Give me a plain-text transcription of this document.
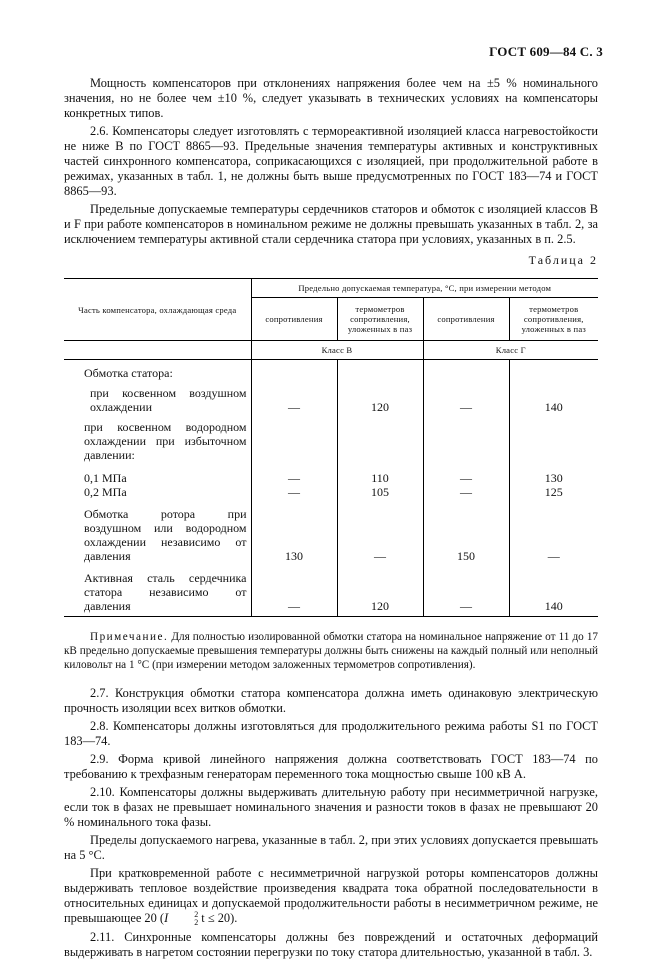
ГОСТ 609—84 С. 3

Мощность компенсаторов при отклонениях напряжения более чем на ±5 % номинального значения, но не более чем ±10 %, следует указывать в технических условиях на компенсаторы конкретных типов.

2.6. Компенсаторы следует изготовлять с термореактивной изоляцией класса нагревостойкости не ниже В по ГОСТ 8865—93. Предельные значения температуры активных и конструктивных частей синхронного компенсатора, соприкасающихся с изоляцией, при продолжительной работе в режимах, указанных в табл. 1, не должны быть выше предусмотренных по ГОСТ 183—74 и ГОСТ 8865—93.

Предельные допускаемые температуры сердечников статоров и обмоток с изоляцией классов В и F при работе компенсаторов в номинальном режиме не должны превышать указанных в табл. 2, за исключением температуры активной стали сердечника статора при условиях, указанных в п. 2.5.

Таблица 2
Часть компенсатора, охлаждающая среда	Предельно допускаемая температура, °С, при измерении методом			
	сопротивления	термометров сопротивления, уложенных в паз	сопротивления	термометров сопротивления, уложенных в паз
	Класс В		Класс Г	
Обмотка статора:				
при косвенном воздушном охлаждении	—	120	—	140
при косвенном водородном охлаждении при избыточном давлении:				
0,1 МПа	—	110	—	130
0,2 МПа	—	105	—	125
Обмотка ротора при воздушном или водородном охлаждении независимо от давления	130	—	150	—
Активная сталь сердечника статора независимо от давления	—	120	—	140

Примечание. Для полностью изолированной обмотки статора на номинальное напряжение от 11 до 17 кВ предельно допускаемые превышения температуры должны быть снижены на каждый полный или неполный киловольт на 1 °С (при измерении методом заложенных термометров сопротивления).

2.7. Конструкция обмотки статора компенсатора должна иметь одинаковую электрическую прочность изоляции всех витков обмотки.

2.8. Компенсаторы должны изготовляться для продолжительного режима работы S1 по ГОСТ 183—74.

2.9. Форма кривой линейного напряжения должна соответствовать ГОСТ 183—74 по требованию к трехфазным генераторам переменного тока мощностью свыше 100 кВ А.

2.10. Компенсаторы должны выдерживать длительную работу при несимметричной нагрузке, если ток в фазах не превышает номинального значения и разности токов в фазах не превышают 20 % номинального тока фазы.

Пределы допускаемого нагрева, указанные в табл. 2, при этих условиях допускается превышать на 5 °С.

При кратковременной работе с несимметричной нагрузкой роторы компенсаторов должны выдерживать тепловое воздействие произведения квадрата тока обратной последовательности в относительных единицах и допускаемой продолжительности работы в несимметричном режиме, не превышающее 20 (I	2
2 t ≤ 20).

2.11. Синхронные компенсаторы должны без повреждений и остаточных деформаций выдерживать в нагретом состоянии перегрузки по току статора длительностью, указанной в табл. 3.
